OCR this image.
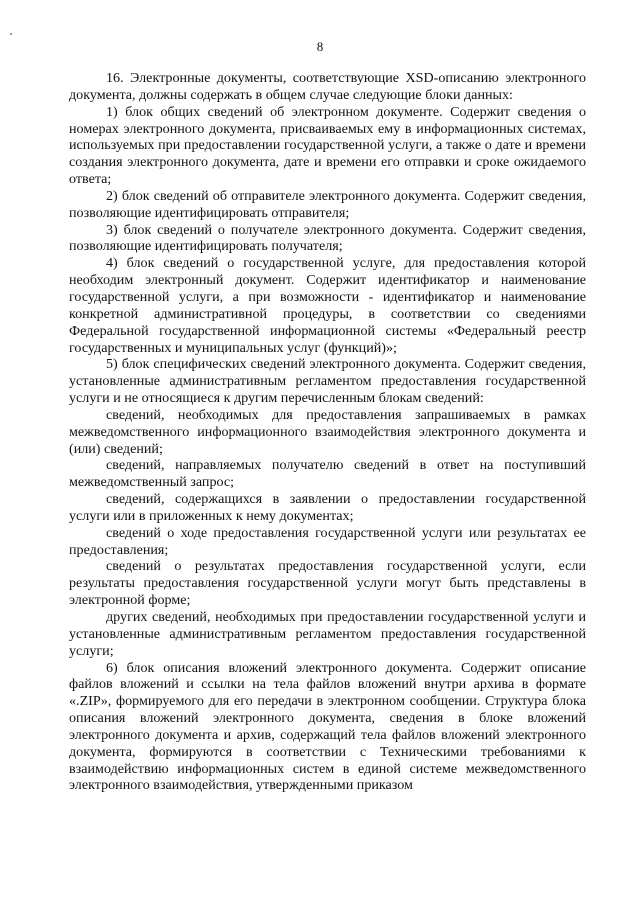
8

16. Электронные документы, соответствующие XSD-описанию электронного документа, должны содержать в общем случае следующие блоки данных:

1) блок общих сведений об электронном документе. Содержит сведения о номерах электронного документа, присваиваемых ему в информационных системах, используемых при предоставлении государственной услуги, а также о дате и времени создания электронного документа, дате и времени его отправки и сроке ожидаемого ответа;

2) блок сведений об отправителе электронного документа. Содержит сведения, позволяющие идентифицировать отправителя;

3) блок сведений о получателе электронного документа. Содержит сведения, позволяющие идентифицировать получателя;

4) блок сведений о государственной услуге, для предоставления которой необходим электронный документ. Содержит идентификатор и наименование государственной услуги, а при возможности - идентификатор и наименование конкретной административной процедуры, в соответствии со сведениями Федеральной государственной информационной системы «Федеральный реестр государственных и муниципальных услуг (функций)»;

5) блок специфических сведений электронного документа. Содержит сведения, установленные административным регламентом предоставления государственной услуги и не относящиеся к другим перечисленным блокам сведений:

сведений, необходимых для предоставления запрашиваемых в рамках межведомственного информационного взаимодействия электронного документа и (или) сведений;

сведений, направляемых получателю сведений в ответ на поступивший межведомственный запрос;

сведений, содержащихся в заявлении о предоставлении государственной услуги или в приложенных к нему документах;

сведений о ходе предоставления государственной услуги или результатах ее предоставления;

сведений о результатах предоставления государственной услуги, если результаты предоставления государственной услуги могут быть представлены в электронной форме;

других сведений, необходимых при предоставлении государственной услуги и установленные административным регламентом предоставления государственной услуги;

6) блок описания вложений электронного документа. Содержит описание файлов вложений и ссылки на тела файлов вложений внутри архива в формате «.ZIP», формируемого для его передачи в электронном сообщении. Структура блока описания вложений электронного документа, сведения в блоке вложений электронного документа и архив, содержащий тела файлов вложений электронного документа, формируются в соответствии с Техническими требованиями к взаимодействию информационных систем в единой системе межведомственного электронного взаимодействия, утвержденными приказом
